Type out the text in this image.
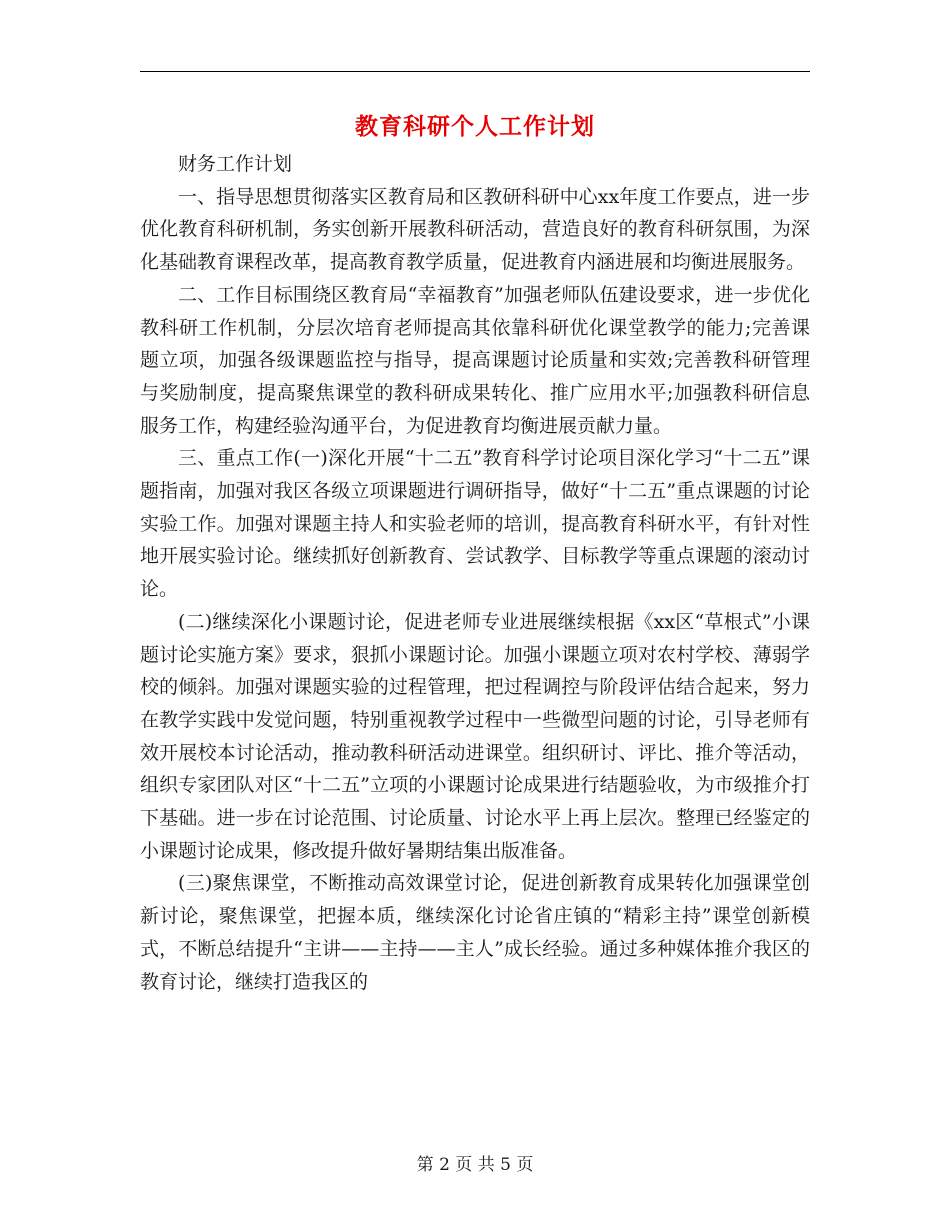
教育科研个人工作计划

财务工作计划

一、指导思想贯彻落实区教育局和区教研科研中心xx年度工作要点，进一步优化教育科研机制，务实创新开展教科研活动，营造良好的教育科研氛围，为深化基础教育课程改革，提高教育教学质量，促进教育内涵进展和均衡进展服务。

二、工作目标围绕区教育局“幸福教育”加强老师队伍建设要求，进一步优化教科研工作机制，分层次培育老师提高其依靠科研优化课堂教学的能力;完善课题立项，加强各级课题监控与指导，提高课题讨论质量和实效;完善教科研管理与奖励制度，提高聚焦课堂的教科研成果转化、推广应用水平;加强教科研信息服务工作，构建经验沟通平台，为促进教育均衡进展贡献力量。

三、重点工作(一)深化开展“十二五”教育科学讨论项目深化学习“十二五”课题指南，加强对我区各级立项课题进行调研指导，做好“十二五”重点课题的讨论实验工作。加强对课题主持人和实验老师的培训，提高教育科研水平，有针对性地开展实验讨论。继续抓好创新教育、尝试教学、目标教学等重点课题的滚动讨论。

(二)继续深化小课题讨论，促进老师专业进展继续根据《xx区“草根式”小课题讨论实施方案》要求，狠抓小课题讨论。加强小课题立项对农村学校、薄弱学校的倾斜。加强对课题实验的过程管理，把过程调控与阶段评估结合起来，努力在教学实践中发觉问题，特别重视教学过程中一些微型问题的讨论，引导老师有效开展校本讨论活动，推动教科研活动进课堂。组织研讨、评比、推介等活动，组织专家团队对区“十二五”立项的小课题讨论成果进行结题验收，为市级推介打下基础。进一步在讨论范围、讨论质量、讨论水平上再上层次。整理已经鉴定的小课题讨论成果，修改提升做好暑期结集出版准备。

(三)聚焦课堂，不断推动高效课堂讨论，促进创新教育成果转化加强课堂创新讨论，聚焦课堂，把握本质，继续深化讨论省庄镇的“精彩主持”课堂创新模式，不断总结提升“主讲——主持——主人”成长经验。通过多种媒体推介我区的教育讨论，继续打造我区的

第 2 页 共 5 页
